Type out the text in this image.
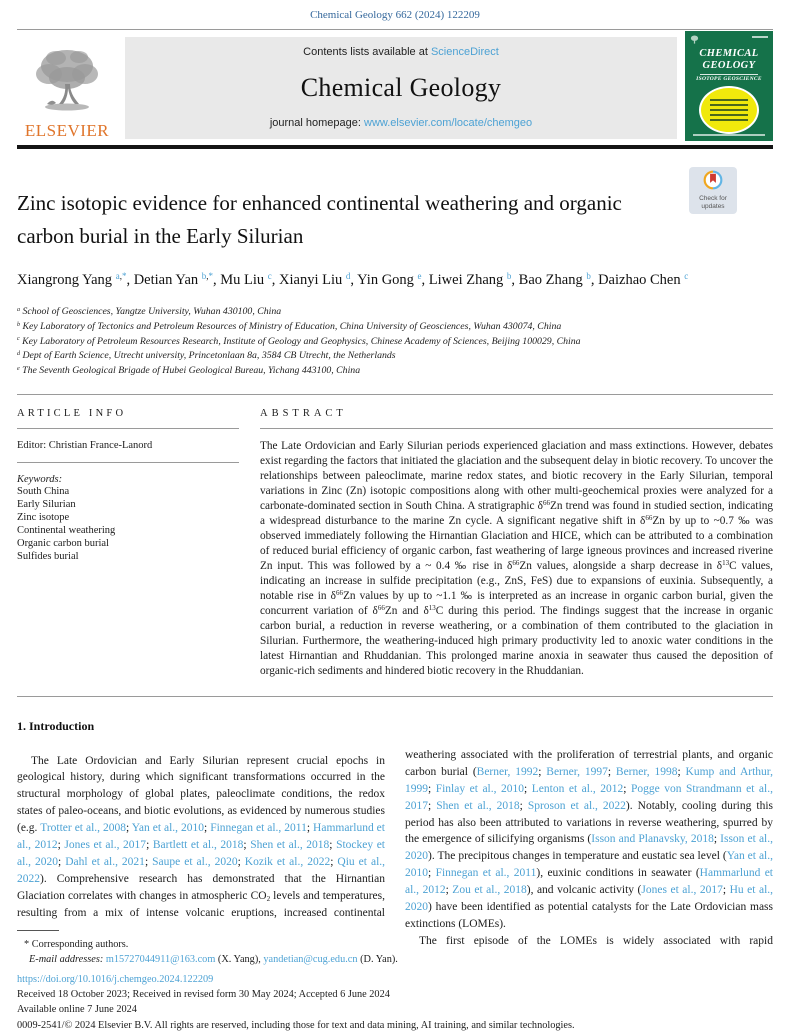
Chemical Geology 662 (2024) 122209
ELSEVIER
Contents lists available at ScienceDirect
Chemical Geology
journal homepage: www.elsevier.com/locate/chemgeo
CHEMICAL
GEOLOGY
ISOTOPE GEOSCIENCE
Zinc isotopic evidence for enhanced continental weathering and organic carbon burial in the Early Silurian
Check for
updates
Xiangrong Yang $^{a,*}$, Detian Yan $^{b,*}$, Mu Liu $^c$, Xianyi Liu $^d$, Yin Gong $^e$, Liwei Zhang $^b$, Bao Zhang $^b$, Daizhao Chen $^c$
$^a$ School of Geosciences, Yangtze University, Wuhan 430100, China
$^b$ Key Laboratory of Tectonics and Petroleum Resources of Ministry of Education, China University of Geosciences, Wuhan 430074, China
$^c$ Key Laboratory of Petroleum Resources Research, Institute of Geology and Geophysics, Chinese Academy of Sciences, Beijing 100029, China
$^d$ Dept of Earth Science, Utrecht university, Princetonlaan 8a, 3584 CB Utrecht, the Netherlands
$^e$ The Seventh Geological Brigade of Hubei Geological Bureau, Yichang 443100, China
ARTICLE INFO
Editor: Christian France-Lanord
Keywords:
South China
Early Silurian
Zinc isotope
Continental weathering
Organic carbon burial
Sulfides burial
ABSTRACT
The Late Ordovician and Early Silurian periods experienced glaciation and mass extinctions. However, debates exist regarding the factors that initiated the glaciation and the subsequent delay in biotic recovery. To uncover the relationships between paleoclimate, marine redox states, and biotic recovery in the Early Silurian, temporal variations in Zinc (Zn) isotopic compositions along with other multi-geochemical proxies were analyzed for a carbonate-dominated section in South China. A stratigraphic $\delta^{66}Zn$ trend was found in studied section, indicating a widespread disturbance to the marine Zn cycle. A significant negative shift in $\delta^{66}Zn$ by up to ~0.7 ‰ was observed immediately following the Hirnantian Glaciation and HICE, which can be attributed to a combination of reduced burial efficiency of organic carbon, fast weathering of large igneous provinces and increased riverine Zn input. This was followed by a ~ 0.4 ‰ rise in $\delta^{66}Zn$ values, alongside a sharp decrease in $\delta^{13}C$ values, indicating an increase in sulfide precipitation (e.g., ZnS, FeS) due to expansions of euxinia. Subsequently, a notable rise in $\delta^{66}Zn$ values by up to ~1.1 ‰ is interpreted as an increase in organic carbon burial, given the concurrent variation of $\delta^{66}Zn$ and $\delta^{13}C$ during this period. The findings suggest that the increase in organic carbon burial, a reduction in reverse weathering, or a combination of them contributed to the glaciation in Silurian. Furthermore, the weathering-induced high primary productivity led to anoxic water conditions in the latest Hirnantian and Rhuddanian. This prolonged marine anoxia in seawater thus caused the deposition of organic-rich sediments and hindered biotic recovery in the Rhuddanian.
1. Introduction

The Late Ordovician and Early Silurian represent crucial epochs in geological history, during which significant transformations occurred in the structural morphology of global plates, paleoclimate conditions, the redox states of paleo-oceans, and biotic evolutions, as evidenced by numerous studies (e.g. Trotter et al., 2008; Yan et al., 2010; Finnegan et al., 2011; Hammarlund et al., 2012; Jones et al., 2017; Bartlett et al., 2018; Shen et al., 2018; Stockey et al., 2020; Dahl et al., 2021; Saupe et al., 2020; Kozik et al., 2022; Qiu et al., 2022). Comprehensive research has demonstrated that the Hirnantian Glaciation correlates with changes in atmospheric CO2 levels and temperatures, resulting from a mix of intense volcanic eruptions, increased continental

weathering associated with the proliferation of terrestrial plants, and organic carbon burial (Berner, 1992; Berner, 1997; Berner, 1998; Kump and Arthur, 1999; Finlay et al., 2010; Lenton et al., 2012; Pogge von Strandmann et al., 2017; Shen et al., 2018; Sproson et al., 2022). Notably, cooling during this period has also been attributed to variations in reverse weathering, spurred by the emergence of silicifying organisms (Isson and Planavsky, 2018; Isson et al., 2020). The precipitous changes in temperature and eustatic sea level (Yan et al., 2010; Finnegan et al., 2011), euxinic conditions in seawater (Hammarlund et al., 2012; Zou et al., 2018), and volcanic activity (Jones et al., 2017; Hu et al., 2020) have been identified as potential catalysts for the Late Ordovician mass extinctions (LOMEs).

The first episode of the LOMEs is widely associated with rapid

* Corresponding authors.
E-mail addresses: m15727044911@163.com (X. Yang), yandetian@cug.edu.cn (D. Yan).
https://doi.org/10.1016/j.chemgeo.2024.122209
Received 18 October 2023; Received in revised form 30 May 2024; Accepted 6 June 2024
Available online 7 June 2024
0009-2541/© 2024 Elsevier B.V. All rights are reserved, including those for text and data mining, AI training, and similar technologies.
